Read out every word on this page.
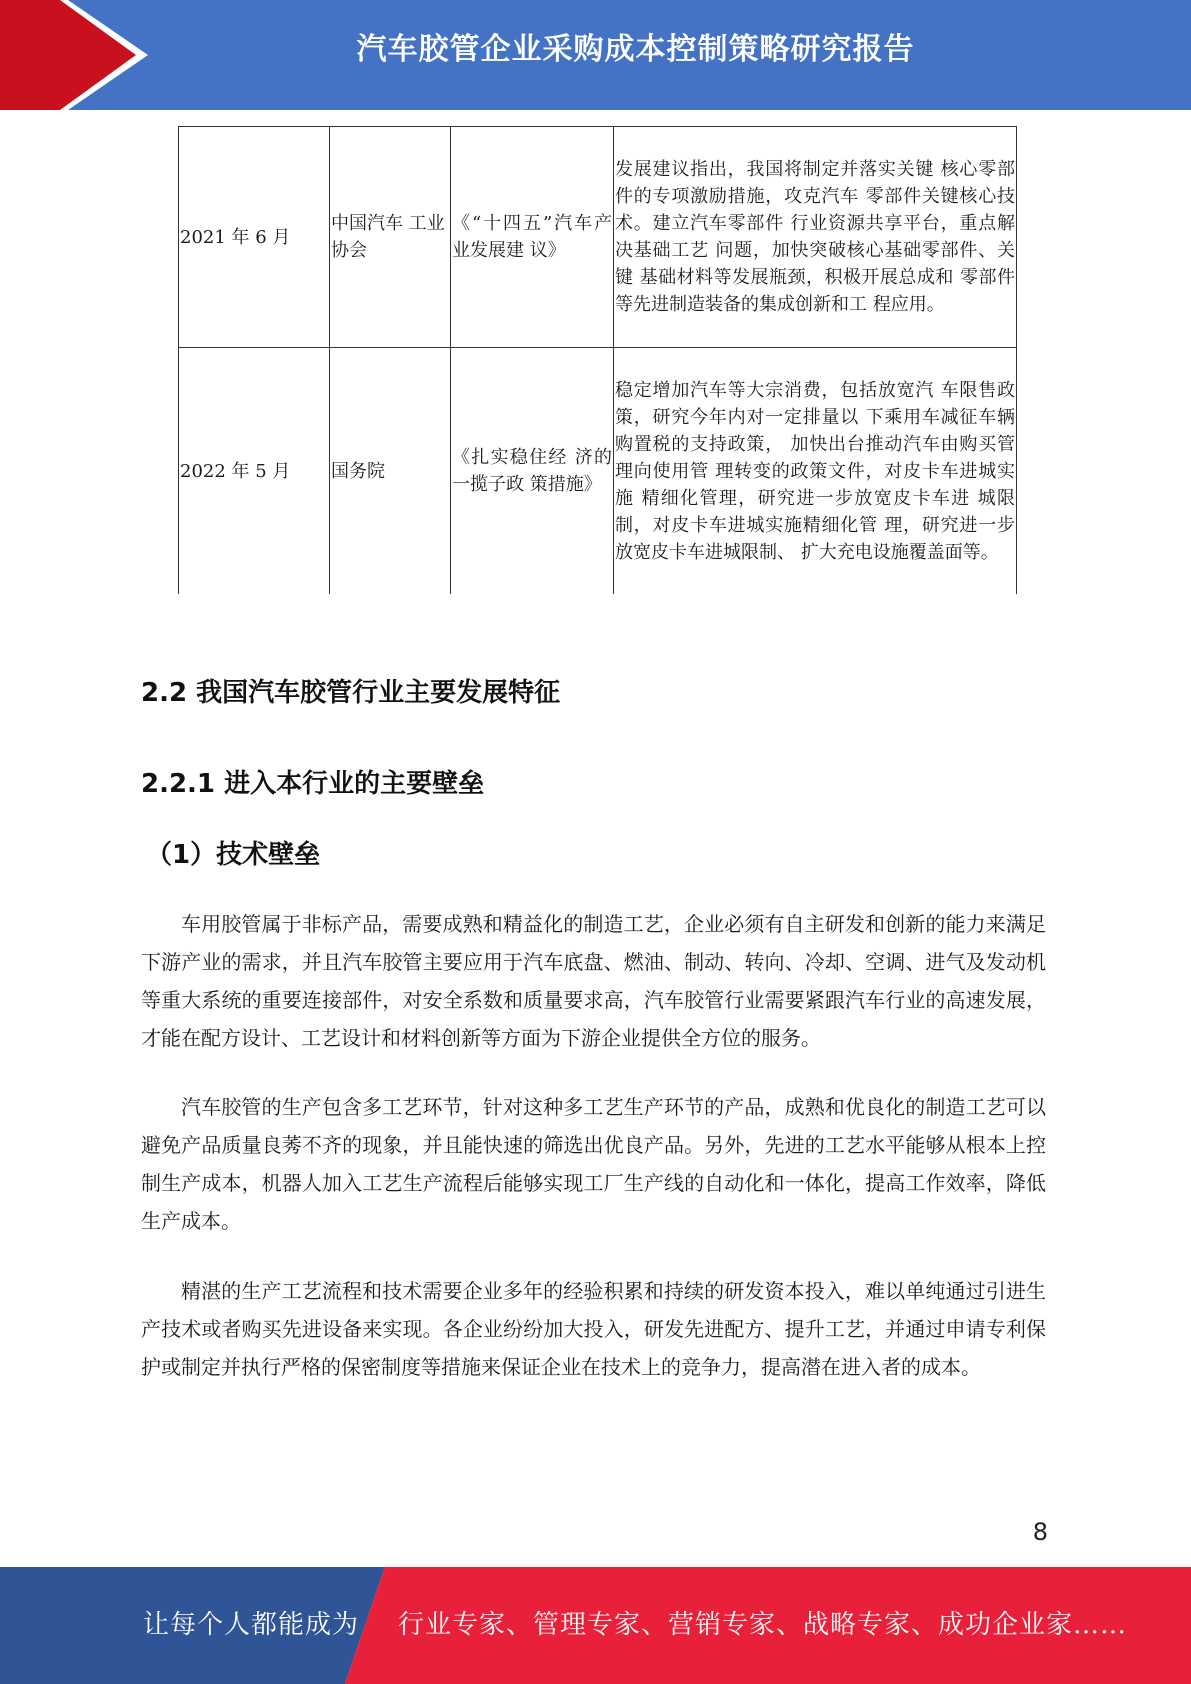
汽车胶管企业采购成本控制策略研究报告
2021 年 6 月	中国汽车 工业协会	《“十四五”汽车产业发展建 议》	发展建议指出，我国将制定并落实关键 核心零部件的专项激励措施，攻克汽车 零部件关键核心技术。建立汽车零部件 行业资源共享平台，重点解决基础工艺 问题，加快突破核心基础零部件、关键 基础材料等发展瓶颈，积极开展总成和 零部件等先进制造装备的集成创新和工 程应用。
2022 年 5 月	国务院	《扎实稳住经 济的一揽子政 策措施》	稳定增加汽车等大宗消费，包括放宽汽 车限售政策，研究今年内对一定排量以 下乘用车减征车辆购置税的支持政策， 加快出台推动汽车由购买管理向使用管 理转变的政策文件，对皮卡车进城实施 精细化管理，研究进一步放宽皮卡车进 城限制，对皮卡车进城实施精细化管 理，研究进一步放宽皮卡车进城限制、 扩大充电设施覆盖面等。
2.2 我国汽车胶管行业主要发展特征
2.2.1 进入本行业的主要壁垒
（1）技术壁垒

车用胶管属于非标产品，需要成熟和精益化的制造工艺，企业必须有自主研发和创新的能力来满足下游产业的需求，并且汽车胶管主要应用于汽车底盘、燃油、制动、转向、冷却、空调、进气及发动机等重大系统的重要连接部件，对安全系数和质量要求高，汽车胶管行业需要紧跟汽车行业的高速发展，才能在配方设计、工艺设计和材料创新等方面为下游企业提供全方位的服务。

汽车胶管的生产包含多工艺环节，针对这种多工艺生产环节的产品，成熟和优良化的制造工艺可以避免产品质量良莠不齐的现象，并且能快速的筛选出优良产品。另外，先进的工艺水平能够从根本上控制生产成本，机器人加入工艺生产流程后能够实现工厂生产线的自动化和一体化，提高工作效率，降低生产成本。

精湛的生产工艺流程和技术需要企业多年的经验积累和持续的研发资本投入，难以单纯通过引进生产技术或者购买先进设备来实现。各企业纷纷加大投入，研发先进配方、提升工艺，并通过申请专利保护或制定并执行严格的保密制度等措施来保证企业在技术上的竞争力，提高潜在进入者的成本。

8
让每个人都能成为 行业专家、管理专家、营销专家、战略专家、成功企业家……
